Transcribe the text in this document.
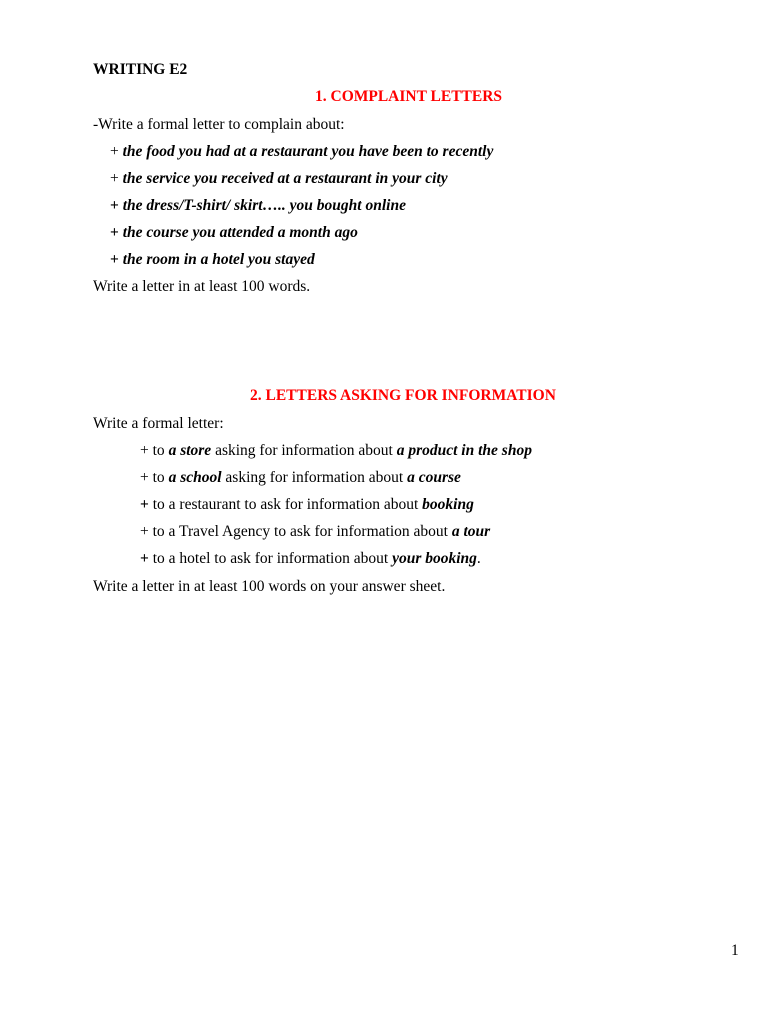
WRITING E2
1. COMPLAINT LETTERS
-Write a formal letter to complain about:
+ the food you had at a restaurant you have been to recently
+ the service you received at a restaurant in your city
+ the dress/T-shirt/ skirt….. you bought online
+ the course you attended a month ago
+ the room in a hotel you stayed
Write a letter in at least 100 words.
2. LETTERS ASKING FOR INFORMATION
Write a formal letter:
+ to a store asking for information about a product in the shop
+ to a school asking for information about a course
+ to a restaurant to ask for information about booking
+ to a Travel Agency to ask for information about a tour
+ to a hotel to ask for information about your booking.
Write a letter in at least 100 words on your answer sheet.
1
